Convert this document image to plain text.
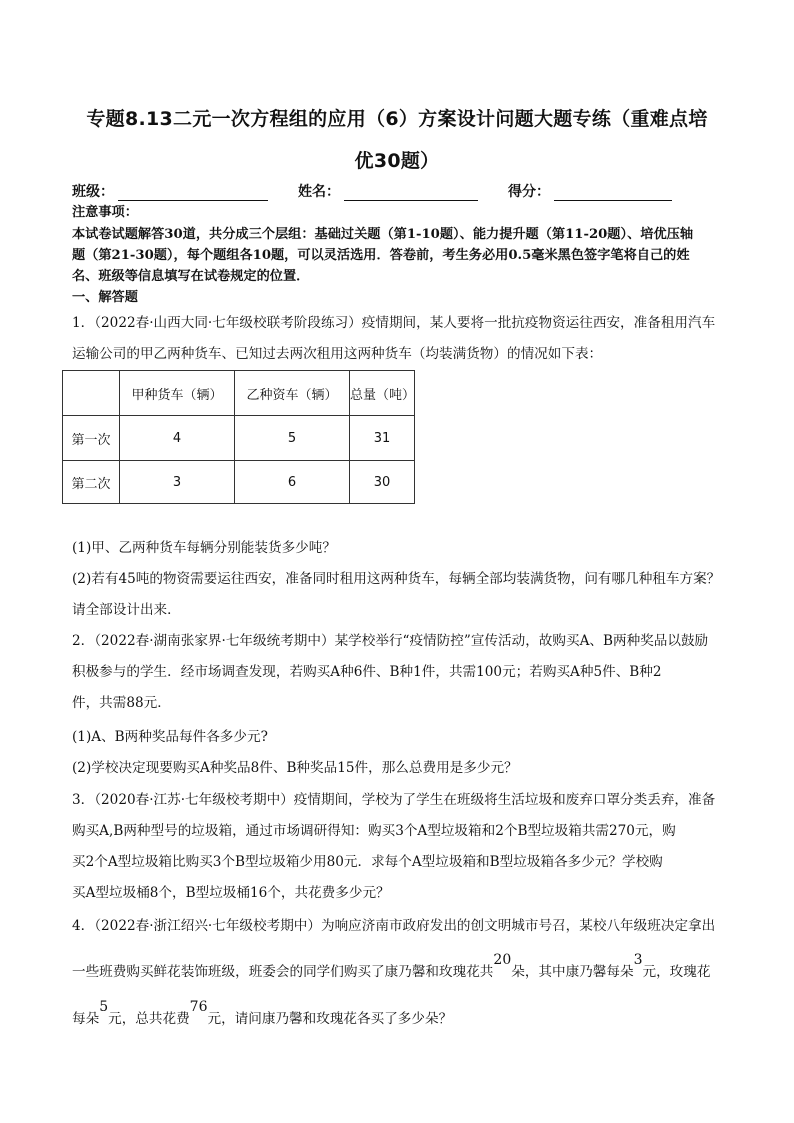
专题8.13二元一次方程组的应用（6）方案设计问题大题专练（重难点培
优30题）
班级：	姓名：	得分：
注意事项：
本试卷试题解答30道，共分成三个层组：基础过关题（第1-10题）、能力提升题（第11-20题）、培优压轴
题（第21-30题），每个题组各10题，可以灵活选用．答卷前，考生务必用0.5毫米黑色签字笔将自己的姓
名、班级等信息填写在试卷规定的位置．
一、解答题
1．（2022春·山西大同·七年级校联考阶段练习）疫情期间，某人要将一批抗疫物资运往西安，准备租用汽车
运输公司的甲乙两种货车、已知过去两次租用这两种货车（均装满货物）的情况如下表：
	甲种货车（辆）	乙种资车（辆）	总量（吨）
第一次	4	5	31
第二次	3	6	30
(1)甲、乙两种货车每辆分别能装货多少吨？
(2)若有45吨的物资需要运往西安，准备同时租用这两种货车，每辆全部均装满货物，问有哪几种租车方案？
请全部设计出来．
2．（2022春·湖南张家界·七年级统考期中）某学校举行“疫情防控”宣传活动，故购买A、B两种奖品以鼓励
积极参与的学生．经市场调查发现，若购买A种6件、B种1件，共需100元；若购买A种5件、B种2
件，共需88元．
(1)A、B两种奖品每件各多少元?
(2)学校决定现要购买A种奖品8件、B种奖品15件，那么总费用是多少元？
3．（2020春·江苏·七年级校考期中）疫情期间，学校为了学生在班级将生活垃圾和废弃口罩分类丢弃，准备
购买A,B两种型号的垃圾箱，通过市场调研得知：购买3个A型垃圾箱和2个B型垃圾箱共需270元，购
买2个A型垃圾箱比购买3个B型垃圾箱少用80元．求每个A型垃圾箱和B型垃圾箱各多少元？学校购
买A型垃圾桶8个，B型垃圾桶16个，共花费多少元？
4．（2022春·浙江绍兴·七年级校考期中）为响应济南市政府发出的创文明城市号召，某校八年级班决定拿出
一些班费购买鲜花装饰班级，班委会的同学们购买了康乃馨和玫瑰花共20朵，其中康乃馨每朵3元，玫瑰花
每朵5元，总共花费76元，请问康乃馨和玫瑰花各买了多少朵？
